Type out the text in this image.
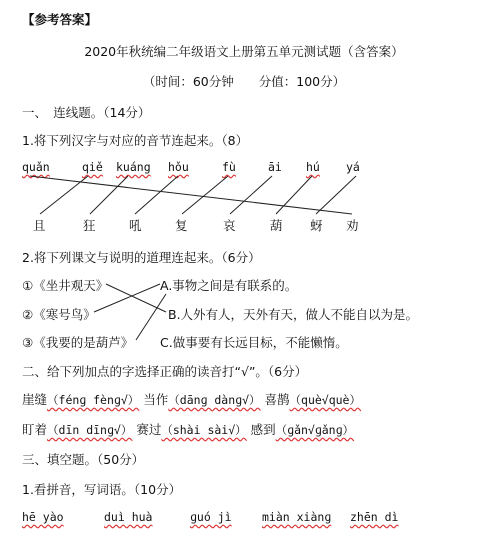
【参考答案】
2020年秋统编二年级语文上册第五单元测试题（含答案）
（时间：60分钟　　分值：100分）
一、　连线题。（14分）
1.将下列汉字与对应的音节连起来。（8）
quǎn	qiě kuáng hǒu	fù	āi hú yá
且	狂	吼	复	哀	葫 蚜 劝
2.将下列课文与说明的道理连起来。（6分）
①《坐井观天》
②《寒号鸟》
③《我要的是葫芦》
A.事物之间是有联系的。
B.人外有人，天外有天，做人不能自以为是。
C.做事要有长远目标，不能懒惰。
二、给下列加点的字选择正确的读音打“√”。（6分）
崖缝（fénɡ fènɡ√） 当作（dānɡ dànɡ√） 喜鹊（què√què）
盯着（dīn dīnɡ√） 赛过（shài sài√） 感到（ɡǎn√ɡǎnɡ）
三、填空题。（50分）
1.看拼音，写词语。（10分）
hē yào	duì huà	ɡuó jì	miàn xiànɡ zhēn dì
